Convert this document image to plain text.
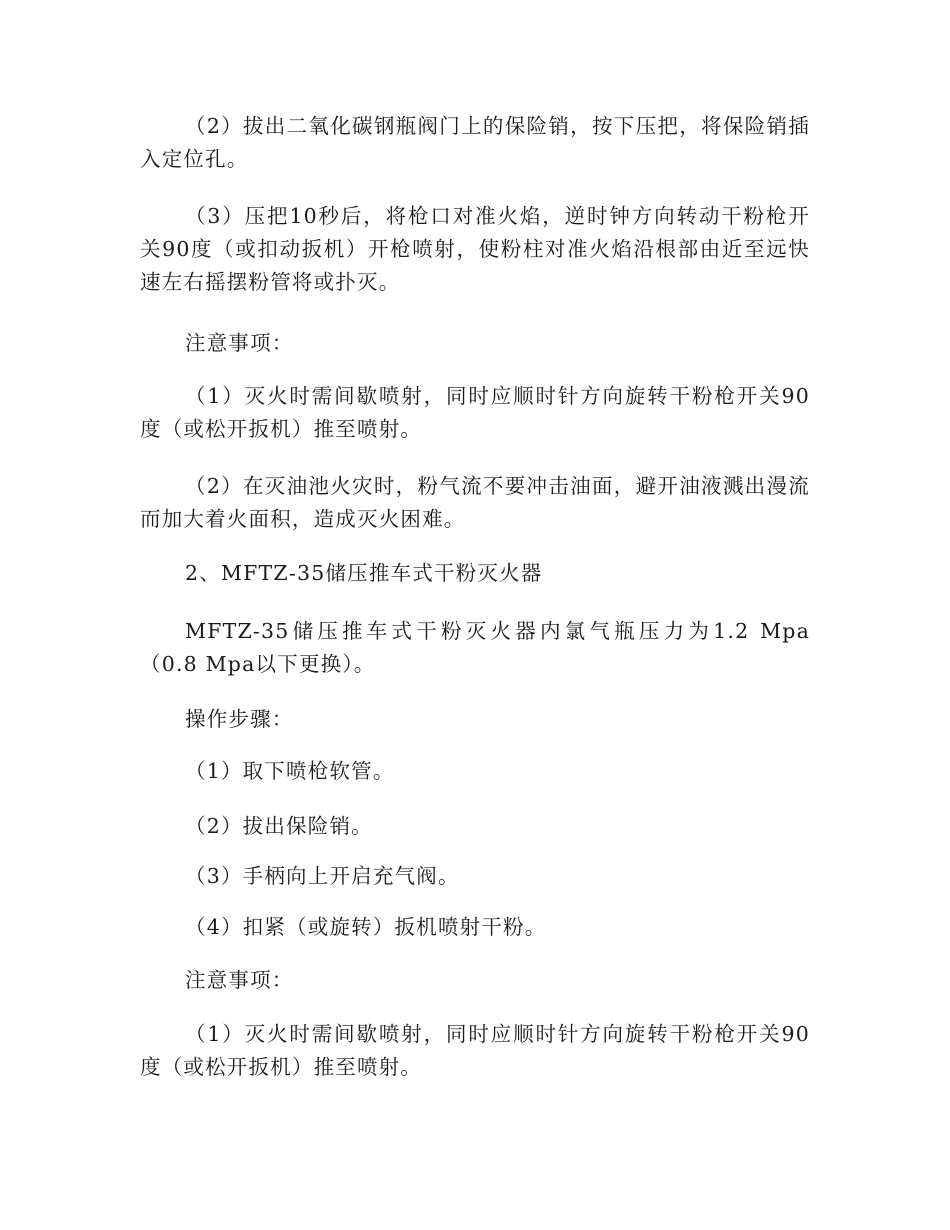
（2）拔出二氧化碳钢瓶阀门上的保险销，按下压把，将保险销插入定位孔。

（3）压把10秒后，将枪口对准火焰，逆时钟方向转动干粉枪开关90度（或扣动扳机）开枪喷射，使粉柱对准火焰沿根部由近至远快速左右摇摆粉管将或扑灭。

注意事项：

（1）灭火时需间歇喷射，同时应顺时针方向旋转干粉枪开关90度（或松开扳机）推至喷射。

（2）在灭油池火灾时，粉气流不要冲击油面，避开油液溅出漫流而加大着火面积，造成灭火困难。

2、MFTZ-35储压推车式干粉灭火器

MFTZ-35储压推车式干粉灭火器内氯气瓶压力为1.2 Mpa（0.8 Mpa以下更换）。

操作步骤：

（1）取下喷枪软管。

（2）拔出保险销。

（3）手柄向上开启充气阀。

（4）扣紧（或旋转）扳机喷射干粉。

注意事项：

（1）灭火时需间歇喷射，同时应顺时针方向旋转干粉枪开关90度（或松开扳机）推至喷射。
